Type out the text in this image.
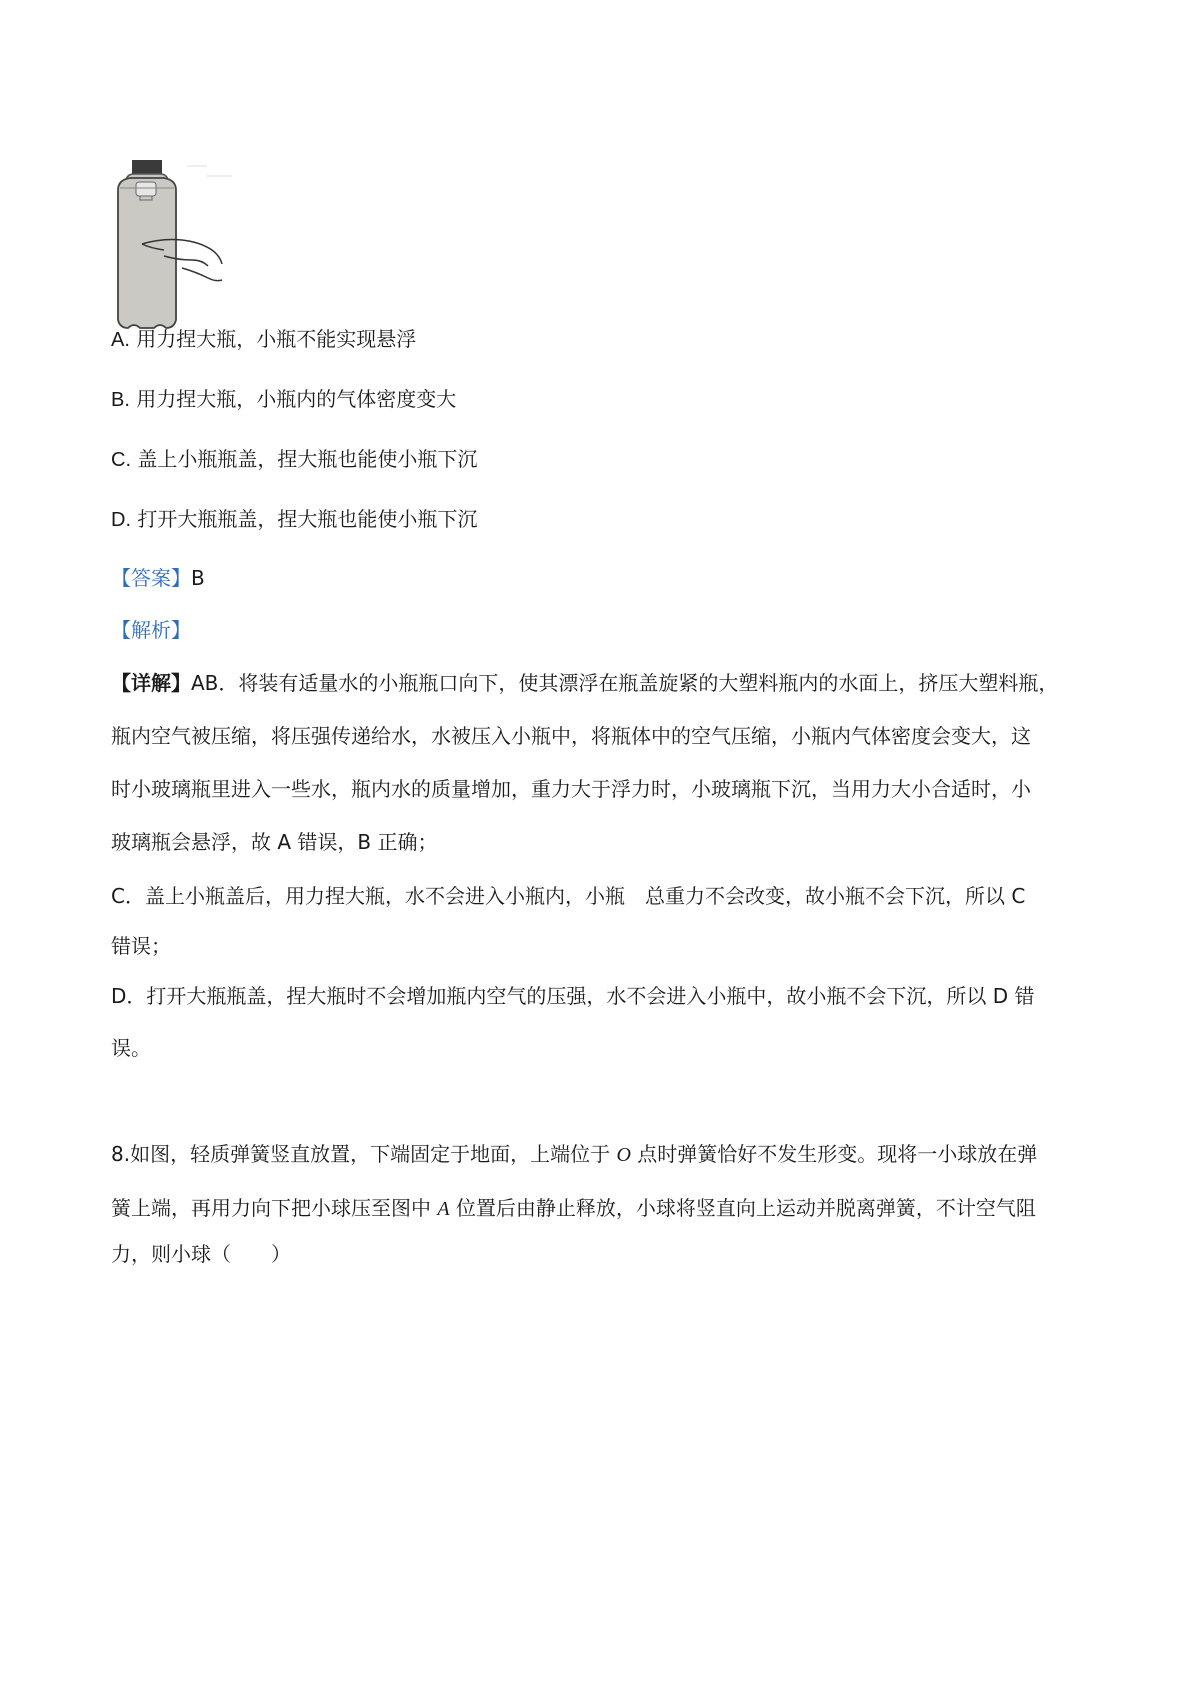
A. 用力捏大瓶，小瓶不能实现悬浮
B. 用力捏大瓶，小瓶内的气体密度变大
C. 盖上小瓶瓶盖，捏大瓶也能使小瓶下沉
D. 打开大瓶瓶盖，捏大瓶也能使小瓶下沉
【答案】B
【解析】
【详解】AB．将装有适量水的小瓶瓶口向下，使其漂浮在瓶盖旋紧的大塑料瓶内的水面上，挤压大塑料瓶，
瓶内空气被压缩，将压强传递给水，水被压入小瓶中，将瓶体中的空气压缩，小瓶内气体密度会变大，这
时小玻璃瓶里进入一些水，瓶内水的质量增加，重力大于浮力时，小玻璃瓶下沉，当用力大小合适时，小
玻璃瓶会悬浮，故 A 错误，B 正确；
C．盖上小瓶盖后，用力捏大瓶，水不会进入小瓶内，小瓶　总重力不会改变，故小瓶不会下沉，所以 C
错误；
D．打开大瓶瓶盖，捏大瓶时不会增加瓶内空气的压强，水不会进入小瓶中，故小瓶不会下沉，所以 D 错
误。
8.如图，轻质弹簧竖直放置，下端固定于地面，上端位于 O 点时弹簧恰好不发生形变。现将一小球放在弹
簧上端，再用力向下把小球压至图中 A 位置后由静止释放，小球将竖直向上运动并脱离弹簧，不计空气阻
力，则小球（　　）
